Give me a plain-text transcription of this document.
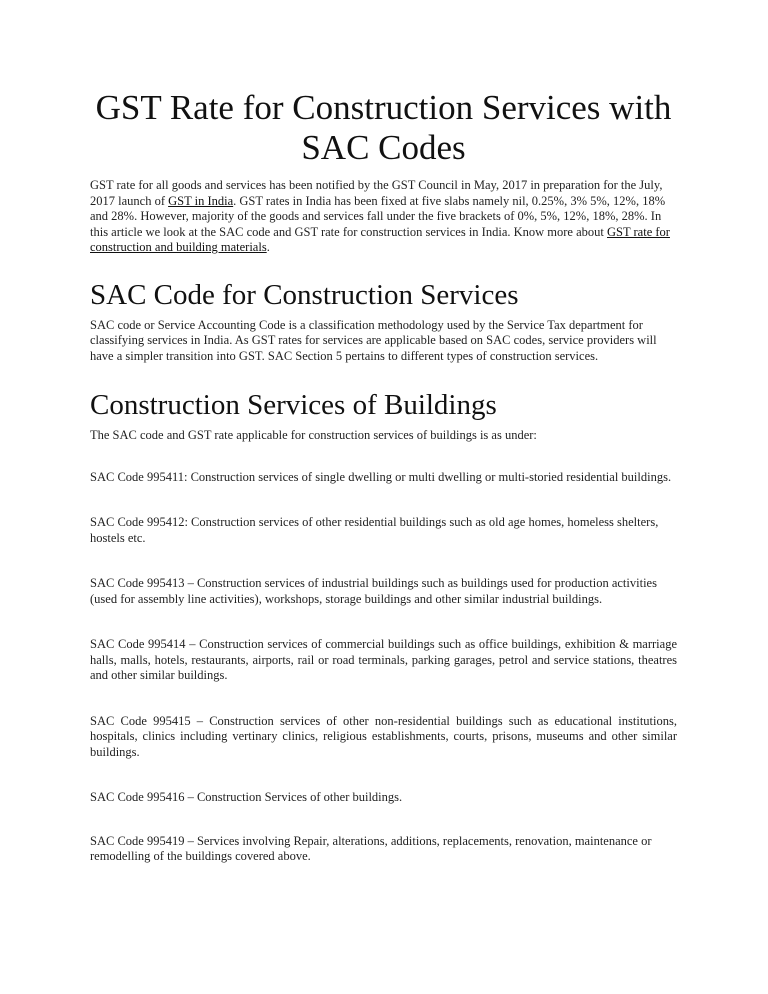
GST Rate for Construction Services with SAC Codes

GST rate for all goods and services has been notified by the GST Council in May, 2017 in preparation for the July, 2017 launch of GST in India. GST rates in India has been fixed at five slabs namely nil, 0.25%, 3% 5%, 12%, 18% and 28%. However, majority of the goods and services fall under the five brackets of 0%, 5%, 12%, 18%, 28%. In this article we look at the SAC code and GST rate for construction services in India. Know more about GST rate for construction and building materials.

SAC Code for Construction Services

SAC code or Service Accounting Code is a classification methodology used by the Service Tax department for classifying services in India. As GST rates for services are applicable based on SAC codes, service providers will have a simpler transition into GST. SAC Section 5 pertains to different types of construction services.

Construction Services of Buildings

The SAC code and GST rate applicable for construction services of buildings is as under:

SAC Code 995411: Construction services of single dwelling or multi dwelling or multi-storied residential buildings.

SAC Code 995412: Construction services of other residential buildings such as old age homes, homeless shelters, hostels etc.

SAC Code 995413 – Construction services of industrial buildings such as buildings used for production activities (used for assembly line activities), workshops, storage buildings and other similar industrial buildings.

SAC Code 995414 – Construction services of commercial buildings such as office buildings, exhibition & marriage halls, malls, hotels, restaurants, airports, rail or road terminals, parking garages, petrol and service stations, theatres and other similar buildings.

SAC Code 995415 – Construction services of other non-residential buildings such as educational institutions, hospitals, clinics including vertinary clinics, religious establishments, courts, prisons, museums and other similar buildings.

SAC Code 995416 – Construction Services of other buildings.

SAC Code 995419 – Services involving Repair, alterations, additions, replacements, renovation, maintenance or remodelling of the buildings covered above.
